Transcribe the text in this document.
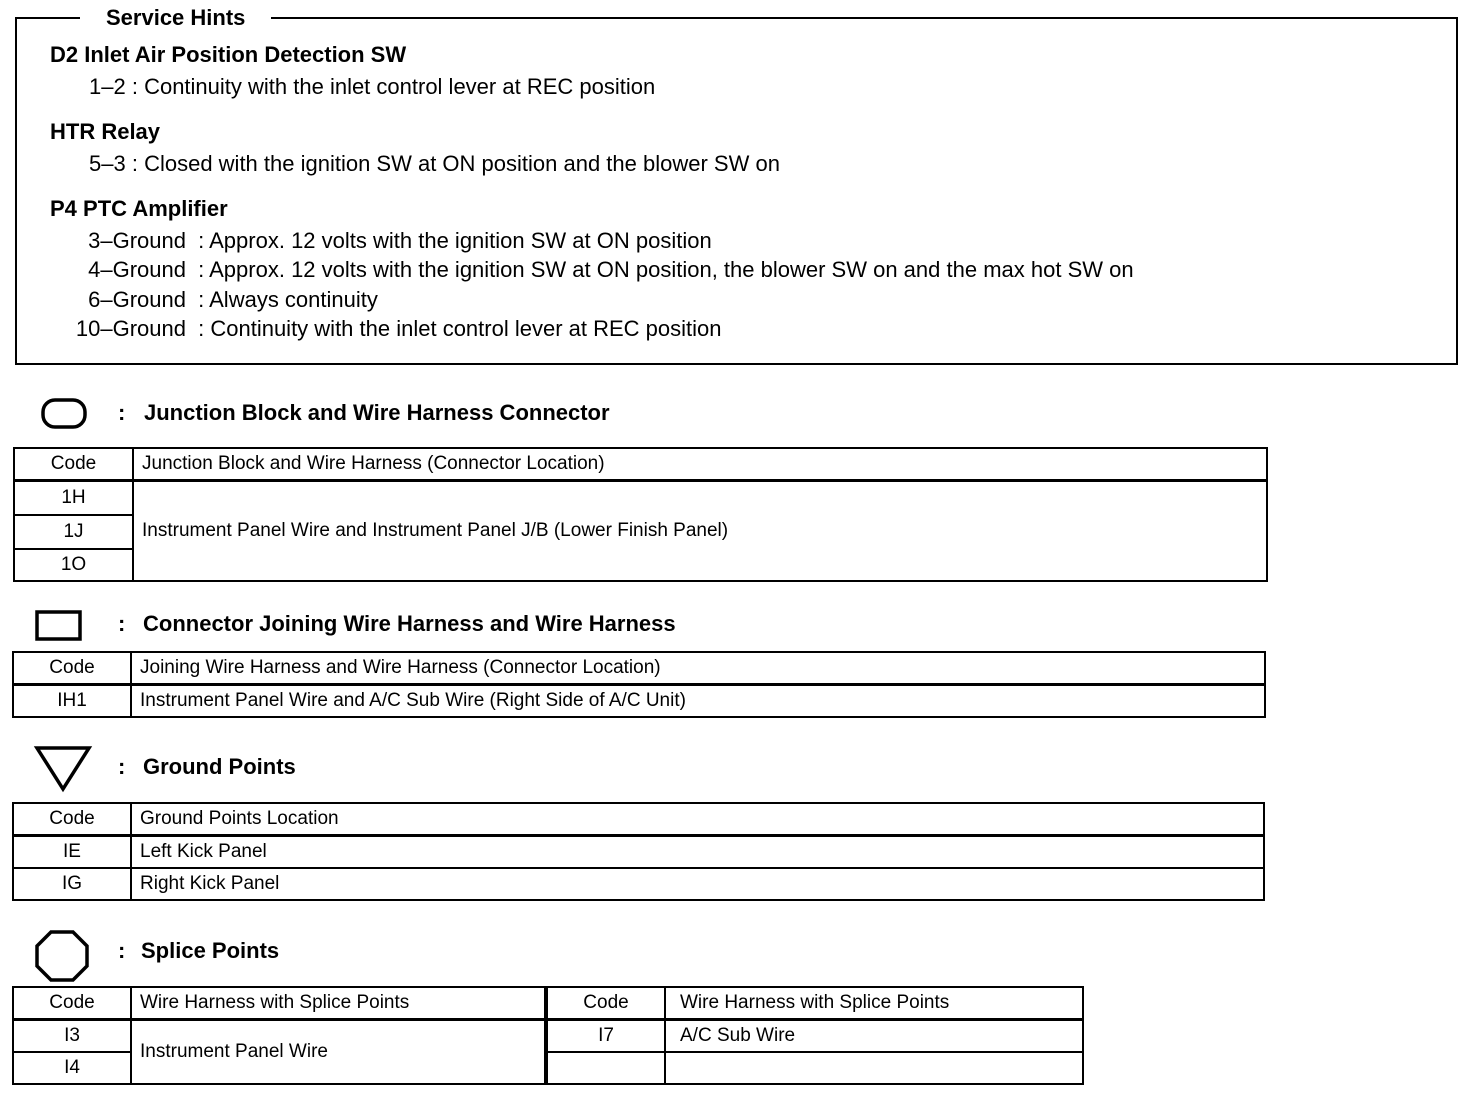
Service Hints
D2 Inlet Air Position Detection SW
1–2 : Continuity with the inlet control lever at REC position
HTR Relay
5–3 : Closed with the ignition SW at ON position and the blower SW on
P4 PTC Amplifier
3–Ground : Approx. 12 volts with the ignition SW at ON position
4–Ground : Approx. 12 volts with the ignition SW at ON position, the blower SW on and the max hot SW on
6–Ground : Always continuity
10–Ground : Continuity with the inlet control lever at REC position
: Junction Block and Wire Harness Connector
Code	Junction Block and Wire Harness (Connector Location)
1H	Instrument Panel Wire and Instrument Panel J/B (Lower Finish Panel)
1J	
1O	
: Connector Joining Wire Harness and Wire Harness
Code	Joining Wire Harness and Wire Harness (Connector Location)
IH1	Instrument Panel Wire and A/C Sub Wire (Right Side of A/C Unit)
: Ground Points
Code	Ground Points Location
IE	Left Kick Panel
IG	Right Kick Panel
: Splice Points
Code	Wire Harness with Splice Points
I3	Instrument Panel Wire
I4	
Code	Wire Harness with Splice Points
I7	A/C Sub Wire
